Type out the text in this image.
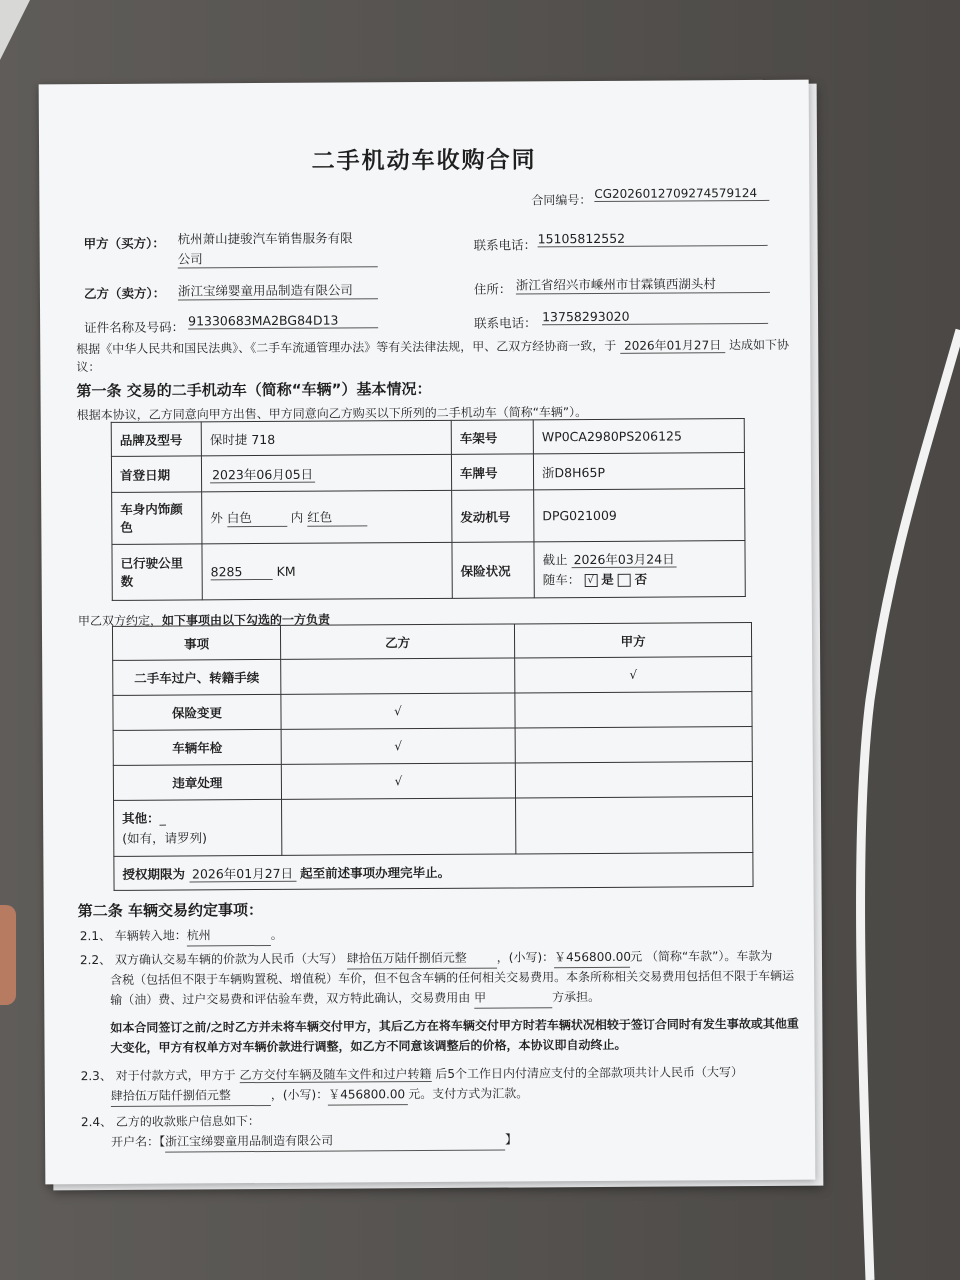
二手机动车收购合同
合同编号： CG2026012709274579124
甲方（买方）： 杭州萧山捷骏汽车销售服务有限
公司
联系电话： 15105812552
乙方（卖方）： 浙江宝绨婴童用品制造有限公司	住所： 浙江省绍兴市嵊州市甘霖镇西湖头村
证件名称及号码： 91330683MA2BG84D13	联系电话： 13758293020
根据《中华人民共和国民法典》、《二手车流通管理办法》等有关法律法规，甲、乙双方经协商一致，于 2026年01月27日 达成如下协
议：
第一条 交易的二手机动车（简称“车辆”）基本情况：
根据本协议，乙方同意向甲方出售、甲方同意向乙方购买以下所列的二手机动车（简称“车辆”）。
品牌及型号	保时捷 718	车架号	WP0CA2980PS206125
首登日期	2023年06月05日	车牌号	浙D8H65P
车身内饰颜
色	外 白色 内 红色	发动机号	DPG021009
已行驶公里
数	8285 KM	保险状况	截止 2026年03月24日
随车： √ 是 否
甲乙双方约定，如下事项由以下勾选的一方负责
事项	乙方	甲方
二手车过户、转籍手续		√
保险变更	√	
车辆年检	√	
违章处理	√	
其他：_
(如有，请罗列)		
授权期限为 2026年01月27日 起至前述事项办理完毕止。		
第二条 车辆交易约定事项：
2.1、 车辆转入地：杭州	。
2.2、 双方确认交易车辆的价款为人民币（大写） 肆拾伍万陆仟捌佰元整 ，(小写)：￥456800.00元 （简称“车款”）。车款为
含税（包括但不限于车辆购置税、增值税）车价，但不包含车辆的任何相关交易费用。本条所称相关交易费用包括但不限于车辆运
输（油）费、过户交易费和评估验车费，双方特此确认，交易费用由 甲	方承担。
如本合同签订之前/之时乙方并未将车辆交付甲方，其后乙方在将车辆交付甲方时若车辆状况相较于签订合同时有发生事故或其他重
大变化，甲方有权单方对车辆价款进行调整，如乙方不同意该调整后的价格，本协议即自动终止。
2.3、 对于付款方式，甲方于 乙方交付车辆及随车文件和过户转籍 后5个工作日内付清应支付的全部款项共计人民币（大写）
肆拾伍万陆仟捌佰元整	，(小写)：￥456800.00 元。支付方式为汇款。
2.4、 乙方的收款账户信息如下：
开户名：【浙江宝绨婴童用品制造有限公司	】
